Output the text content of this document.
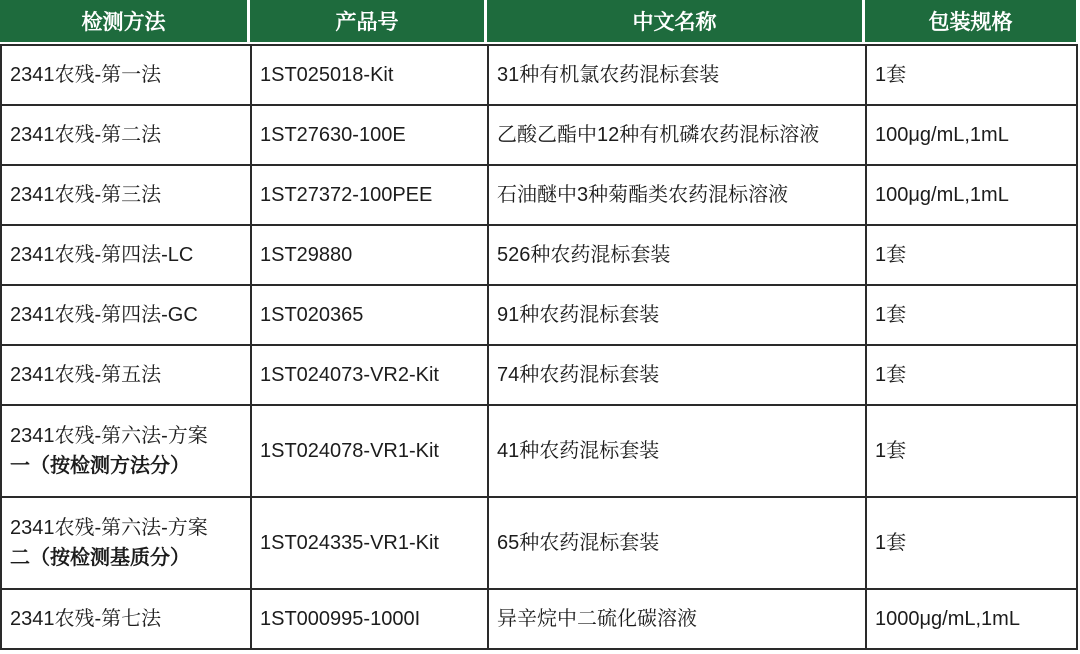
检测方法	产品号	中文名称	包装规格
2341农残-第一法	1ST025018-Kit	31种有机氯农药混标套装	1套
2341农残-第二法	1ST27630-100E	乙酸乙酯中12种有机磷农药混标溶液	100μg/mL,1mL
2341农残-第三法	1ST27372-100PEE	石油醚中3种菊酯类农药混标溶液	100μg/mL,1mL
2341农残-第四法-LC	1ST29880	526种农药混标套装	1套
2341农残-第四法-GC	1ST020365	91种农药混标套装	1套
2341农残-第五法	1ST024073-VR2-Kit	74种农药混标套装	1套
2341农残-第六法-方案一（按检测方法分）	1ST024078-VR1-Kit	41种农药混标套装	1套
2341农残-第六法-方案二（按检测基质分）	1ST024335-VR1-Kit	65种农药混标套装	1套
2341农残-第七法	1ST000995-1000I	异辛烷中二硫化碳溶液	1000μg/mL,1mL
